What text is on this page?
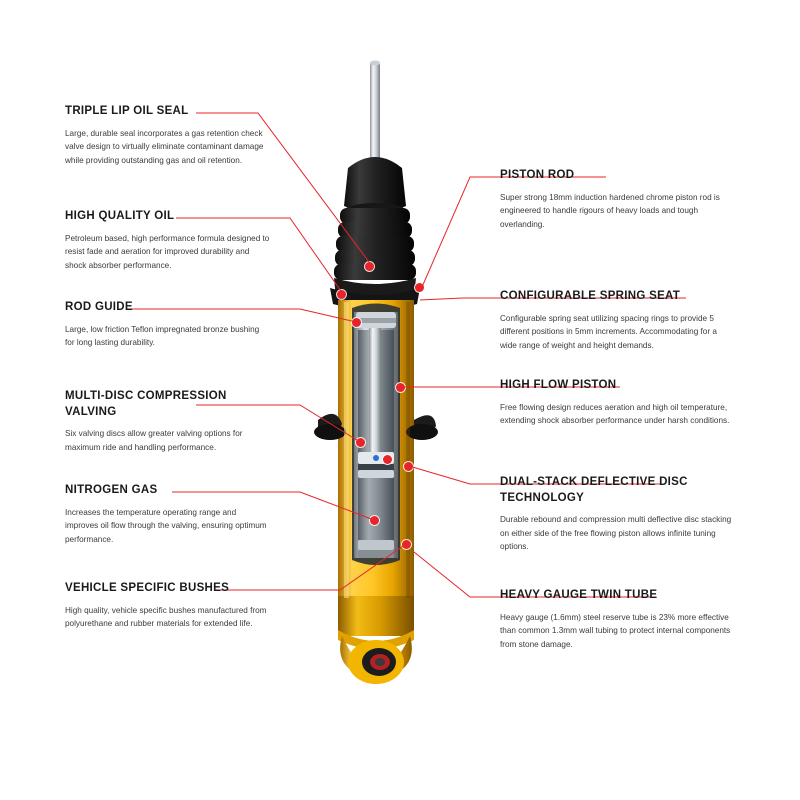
TRIPLE LIP OIL SEAL

Large, durable seal incorporates a gas retention check valve design to virtually eliminate contaminant damage while providing outstanding gas and oil retention.

HIGH QUALITY OIL

Petroleum based, high performance formula designed to resist fade and aeration for improved durability and shock absorber performance.

ROD GUIDE

Large, low friction Teflon impregnated bronze bushing for long lasting durability.

MULTI-DISC COMPRESSION VALVING

Six valving discs allow greater valving options for maximum ride and handling performance.

NITROGEN GAS

Increases the temperature operating range and improves oil flow through the valving, ensuring optimum performance.

VEHICLE SPECIFIC BUSHES

High quality, vehicle specific bushes manufactured from polyurethane and rubber materials for extended life.

PISTON ROD

Super strong 18mm induction hardened chrome piston rod is engineered to handle rigours of heavy loads and tough overlanding.

CONFIGURABLE SPRING SEAT

Configurable spring seat utilizing spacing rings to provide 5 different positions in 5mm increments. Accommodating for a wide range of weight and height demands.

HIGH FLOW PISTON

Free flowing design reduces aeration and high oil temperature, extending shock absorber performance under harsh conditions.

DUAL-STACK DEFLECTIVE DISC TECHNOLOGY

Durable rebound and compression multi deflective disc stacking on either side of the free flowing piston allows infinite tuning options.

HEAVY GAUGE TWIN TUBE

Heavy gauge (1.6mm) steel reserve tube is 23% more effective than common 1.3mm wall tubing to protect internal components from stone damage.
